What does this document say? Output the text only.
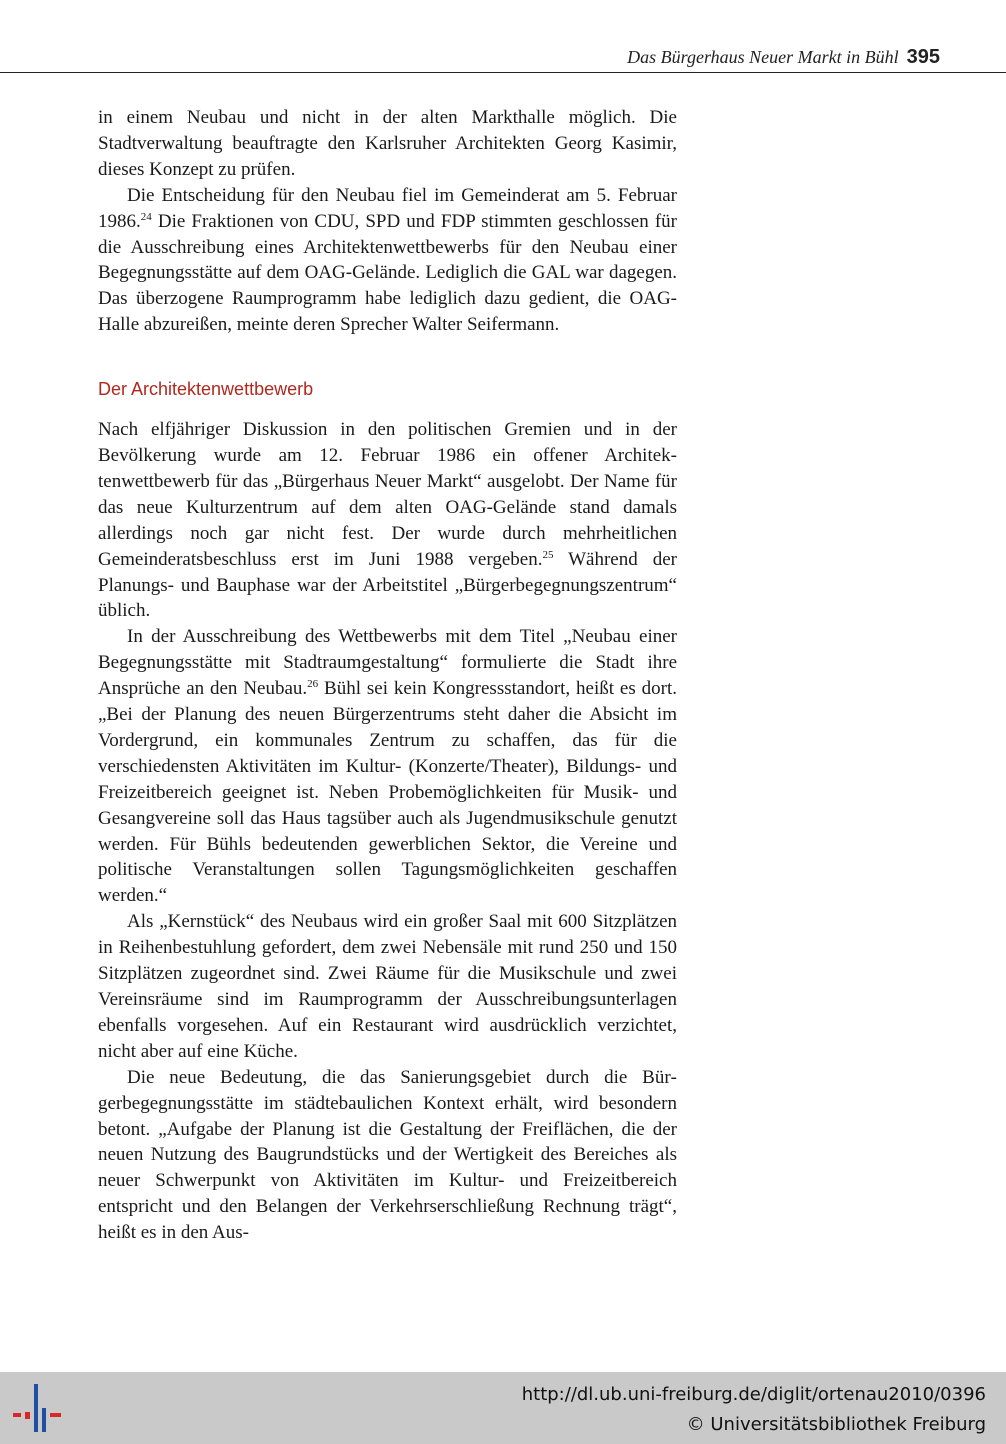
Das Bürgerhaus Neuer Markt in Bühl 395

in einem Neubau und nicht in der alten Markthalle möglich. Die Stadtverwaltung beauftragte den Karlsruher Architekten Georg Kasimir, dieses Konzept zu prüfen.

Die Entscheidung für den Neubau fiel im Gemeinderat am 5. Februar 1986.24 Die Fraktionen von CDU, SPD und FDP stimmten geschlossen für die Ausschreibung eines Architektenwettbewerbs für den Neubau einer Begegnungsstätte auf dem OAG-Gelände. Lediglich die GAL war dagegen. Das überzogene Raumprogramm habe lediglich dazu gedient, die OAG-Halle abzureißen, meinte deren Sprecher Walter Seifermann.

Der Architektenwettbewerb

Nach elfjähriger Diskussion in den politischen Gremien und in der Bevölkerung wurde am 12. Februar 1986 ein offener Architektenwettbewerb für das „Bürgerhaus Neuer Markt“ ausgelobt. Der Name für das neue Kulturzentrum auf dem alten OAG-Gelände stand damals allerdings noch gar nicht fest. Der wurde durch mehrheitlichen Gemeinderatsbeschluss erst im Juni 1988 vergeben.$^{25}$ Während der Planungs- und Bauphase war der Arbeitstitel „Bürgerbegegnungszentrum“ üblich.

In der Ausschreibung des Wettbewerbs mit dem Titel „Neubau einer Begegnungsstätte mit Stadtraumgestaltung“ formulierte die Stadt ihre Ansprüche an den Neubau.$^{26}$ Bühl sei kein Kongressstandort, heißt es dort. „Bei der Planung des neuen Bürgerzentrums steht daher die Absicht im Vordergrund, ein kommunales Zentrum zu schaffen, das für die verschiedensten Aktivitäten im Kultur- (Konzerte/Theater), Bildungs- und Freizeitbereich geeignet ist. Neben Probemöglichkeiten für Musik- und Gesangvereine soll das Haus tagsüber auch als Jugendmusikschule genutzt werden. Für Bühls bedeutenden gewerblichen Sektor, die Vereine und politische Veranstaltungen sollen Tagungsmöglichkeiten geschaffen werden.“

Als „Kernstück“ des Neubaus wird ein großer Saal mit 600 Sitzplätzen in Reihenbestuhlung gefordert, dem zwei Nebensäle mit rund 250 und 150 Sitzplätzen zugeordnet sind. Zwei Räume für die Musikschule und zwei Vereinsräume sind im Raumprogramm der Ausschreibungsunterlagen ebenfalls vorgesehen. Auf ein Restaurant wird ausdrücklich verzichtet, nicht aber auf eine Küche.

Die neue Bedeutung, die das Sanierungsgebiet durch die Bürgerbegegnungsstätte im städtebaulichen Kontext erhält, wird besondern betont. „Aufgabe der Planung ist die Gestaltung der Freiflächen, die der neuen Nutzung des Baugrundstücks und der Wertigkeit des Bereiches als neuer Schwerpunkt von Aktivitäten im Kultur- und Freizeitbereich entspricht und den Belangen der Verkehrserschließung Rechnung trägt“, heißt es in den Aus-

http://dl.ub.uni-freiburg.de/diglit/ortenau2010/0396
© Universitätsbibliothek Freiburg
